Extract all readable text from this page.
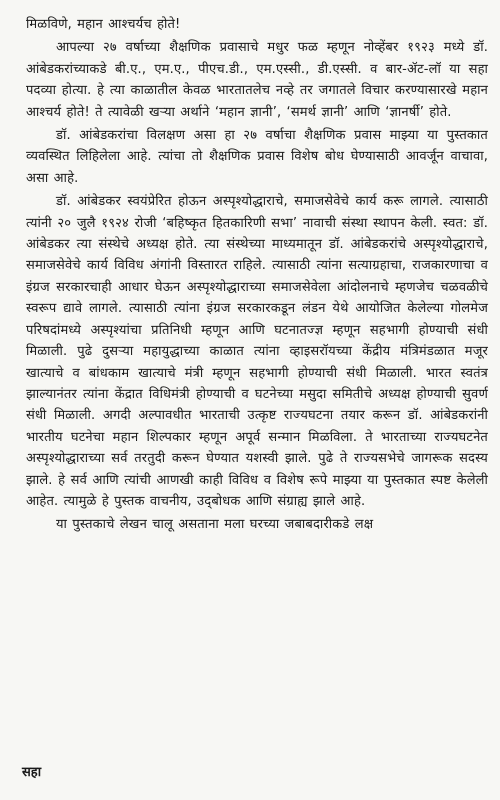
मिळविणे, महान आश्चर्यच होते!

आपल्या २७ वर्षाच्या शैक्षणिक प्रवासाचे मधुर फळ म्हणून नोव्हेंबर १९२३ मध्ये डॉ. आंबेडकरांच्याकडे बी.ए., एम.ए., पीएच.डी., एम.एस्सी., डी.एस्सी. व बार-ॲट-लॉ या सहा पदव्या होत्या. हे त्या काळातील केवळ भारतातलेच नव्हे तर जगातले विचार करण्यासारखे महान आश्चर्य होते! ते त्यावेळी खऱ्या अर्थाने ‘महान ज्ञानी’, ‘समर्थ ज्ञानी’ आणि ‘ज्ञानर्षी’ होते.

डॉ. आंबेडकरांचा विलक्षण असा हा २७ वर्षाचा शैक्षणिक प्रवास माझ्या या पुस्तकात व्यवस्थित लिहिलेला आहे. त्यांचा तो शैक्षणिक प्रवास विशेष बोध घेण्यासाठी आवर्जून वाचावा, असा आहे.

डॉ. आंबेडकर स्वयंप्रेरित होऊन अस्पृश्योद्धाराचे, समाजसेवेचे कार्य करू लागले. त्यासाठी त्यांनी २० जुलै १९२४ रोजी ‘बहिष्कृत हितकारिणी सभा’ नावाची संस्था स्थापन केली. स्वत: डॉ. आंबेडकर त्या संस्थेचे अध्यक्ष होते. त्या संस्थेच्या माध्यमातून डॉ. आंबेडकरांचे अस्पृश्योद्धाराचे, समाजसेवेचे कार्य विविध अंगांनी विस्तारत राहिले. त्यासाठी त्यांना सत्याग्रहाचा, राजकारणाचा व इंग्रज सरकारचाही आधार घेऊन अस्पृश्योद्धाराच्या समाजसेवेला आंदोलनाचे म्हणजेच चळवळीचे स्वरूप द्यावे लागले. त्यासाठी त्यांना इंग्रज सरकारकडून लंडन येथे आयोजित केलेल्या गोलमेज परिषदांमध्ये अस्पृश्यांचा प्रतिनिधी म्हणून आणि घटनातज्ज्ञ म्हणून सहभागी होण्याची संधी मिळाली. पुढे दुसऱ्या महायुद्धाच्या काळात त्यांना व्हाइसरॉयच्या केंद्रीय मंत्रिमंडळात मजूर खात्याचे व बांधकाम खात्याचे मंत्री म्हणून सहभागी होण्याची संधी मिळाली. भारत स्वतंत्र झाल्यानंतर त्यांना केंद्रात विधिमंत्री होण्याची व घटनेच्या मसुदा समितीचे अध्यक्ष होण्याची सुवर्ण संधी मिळाली. अगदी अल्पावधीत भारताची उत्कृष्ट राज्यघटना तयार करून डॉ. आंबेडकरांनी भारतीय घटनेचा महान शिल्पकार म्हणून अपूर्व सन्मान मिळविला. ते भारताच्या राज्यघटनेत अस्पृश्योद्धाराच्या सर्व तरतुदी करून घेण्यात यशस्वी झाले. पुढे ते राज्यसभेचे जागरूक सदस्य झाले. हे सर्व आणि त्यांची आणखी काही विविध व विशेष रूपे माझ्या या पुस्तकात स्पष्ट केलेली आहेत. त्यामुळे हे पुस्तक वाचनीय, उद्‌बोधक आणि संग्राह्य झाले आहे.

या पुस्तकाचे लेखन चालू असताना मला घरच्या जबाबदारीकडे लक्ष

सहा
